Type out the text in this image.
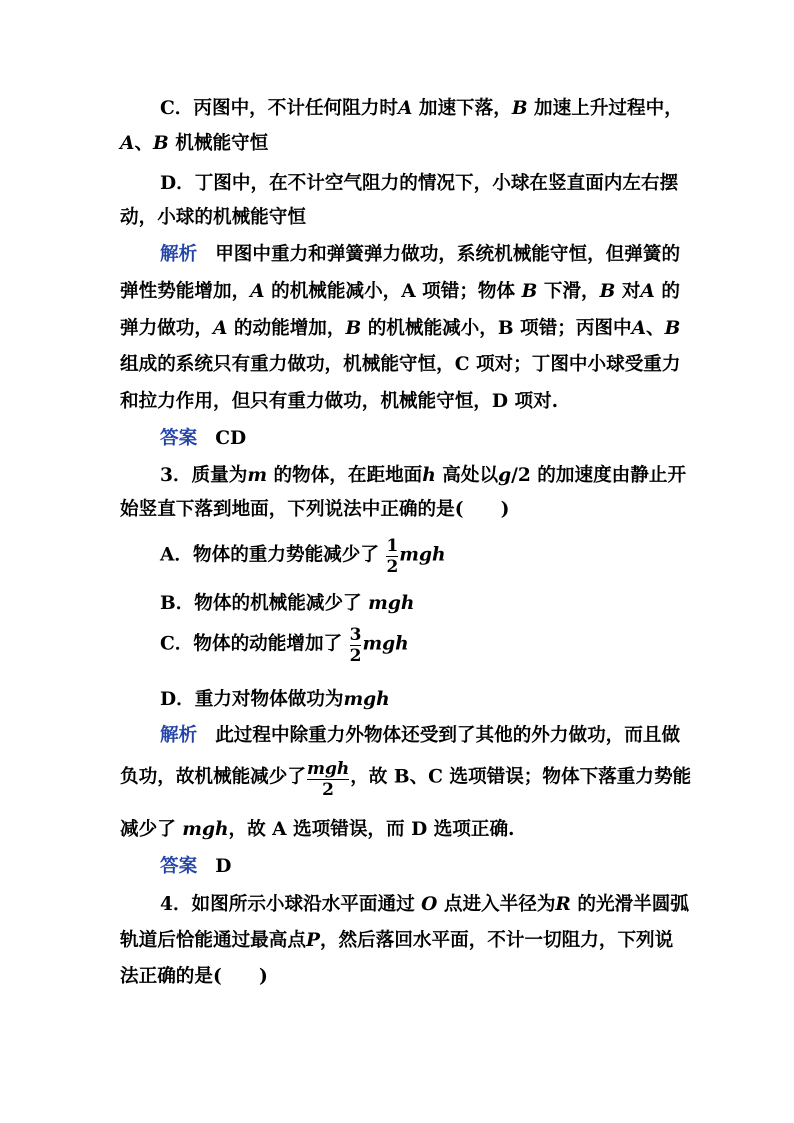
C．丙图中，不计任何阻力时A 加速下落，B 加速上升过程中，
A、B 机械能守恒
D．丁图中，在不计空气阻力的情况下，小球在竖直面内左右摆
动，小球的机械能守恒
解析 甲图中重力和弹簧弹力做功，系统机械能守恒，但弹簧的
弹性势能增加，A 的机械能减小，A 项错；物体 B 下滑，B 对A 的
弹力做功，A 的动能增加，B 的机械能减小，B 项错；丙图中A、B
组成的系统只有重力做功，机械能守恒，C 项对；丁图中小球受重力
和拉力作用，但只有重力做功，机械能守恒，D 项对.
答案 CD
3．质量为m 的物体，在距地面h 高处以g/2 的加速度由静止开
始竖直下落到地面，下列说法中正确的是(　　)
A．物体的重力势能减少了 $\frac{1}{2}$ mgh
B．物体的机械能减少了 mgh
C．物体的动能增加了 $\frac{3}{2}$ mgh
D．重力对物体做功为mgh
解析 此过程中除重力外物体还受到了其他的外力做功，而且做
负功，故机械能减少了 $\frac{\text{mgh}}{2}$ ，故 B、C 选项错误；物体下落重力势能
减少了 mgh，故 A 选项错误，而 D 选项正确.
答案 D
4．如图所示小球沿水平面通过 O 点进入半径为R 的光滑半圆弧
轨道后恰能通过最高点P，然后落回水平面，不计一切阻力，下列说
法正确的是(　　)
